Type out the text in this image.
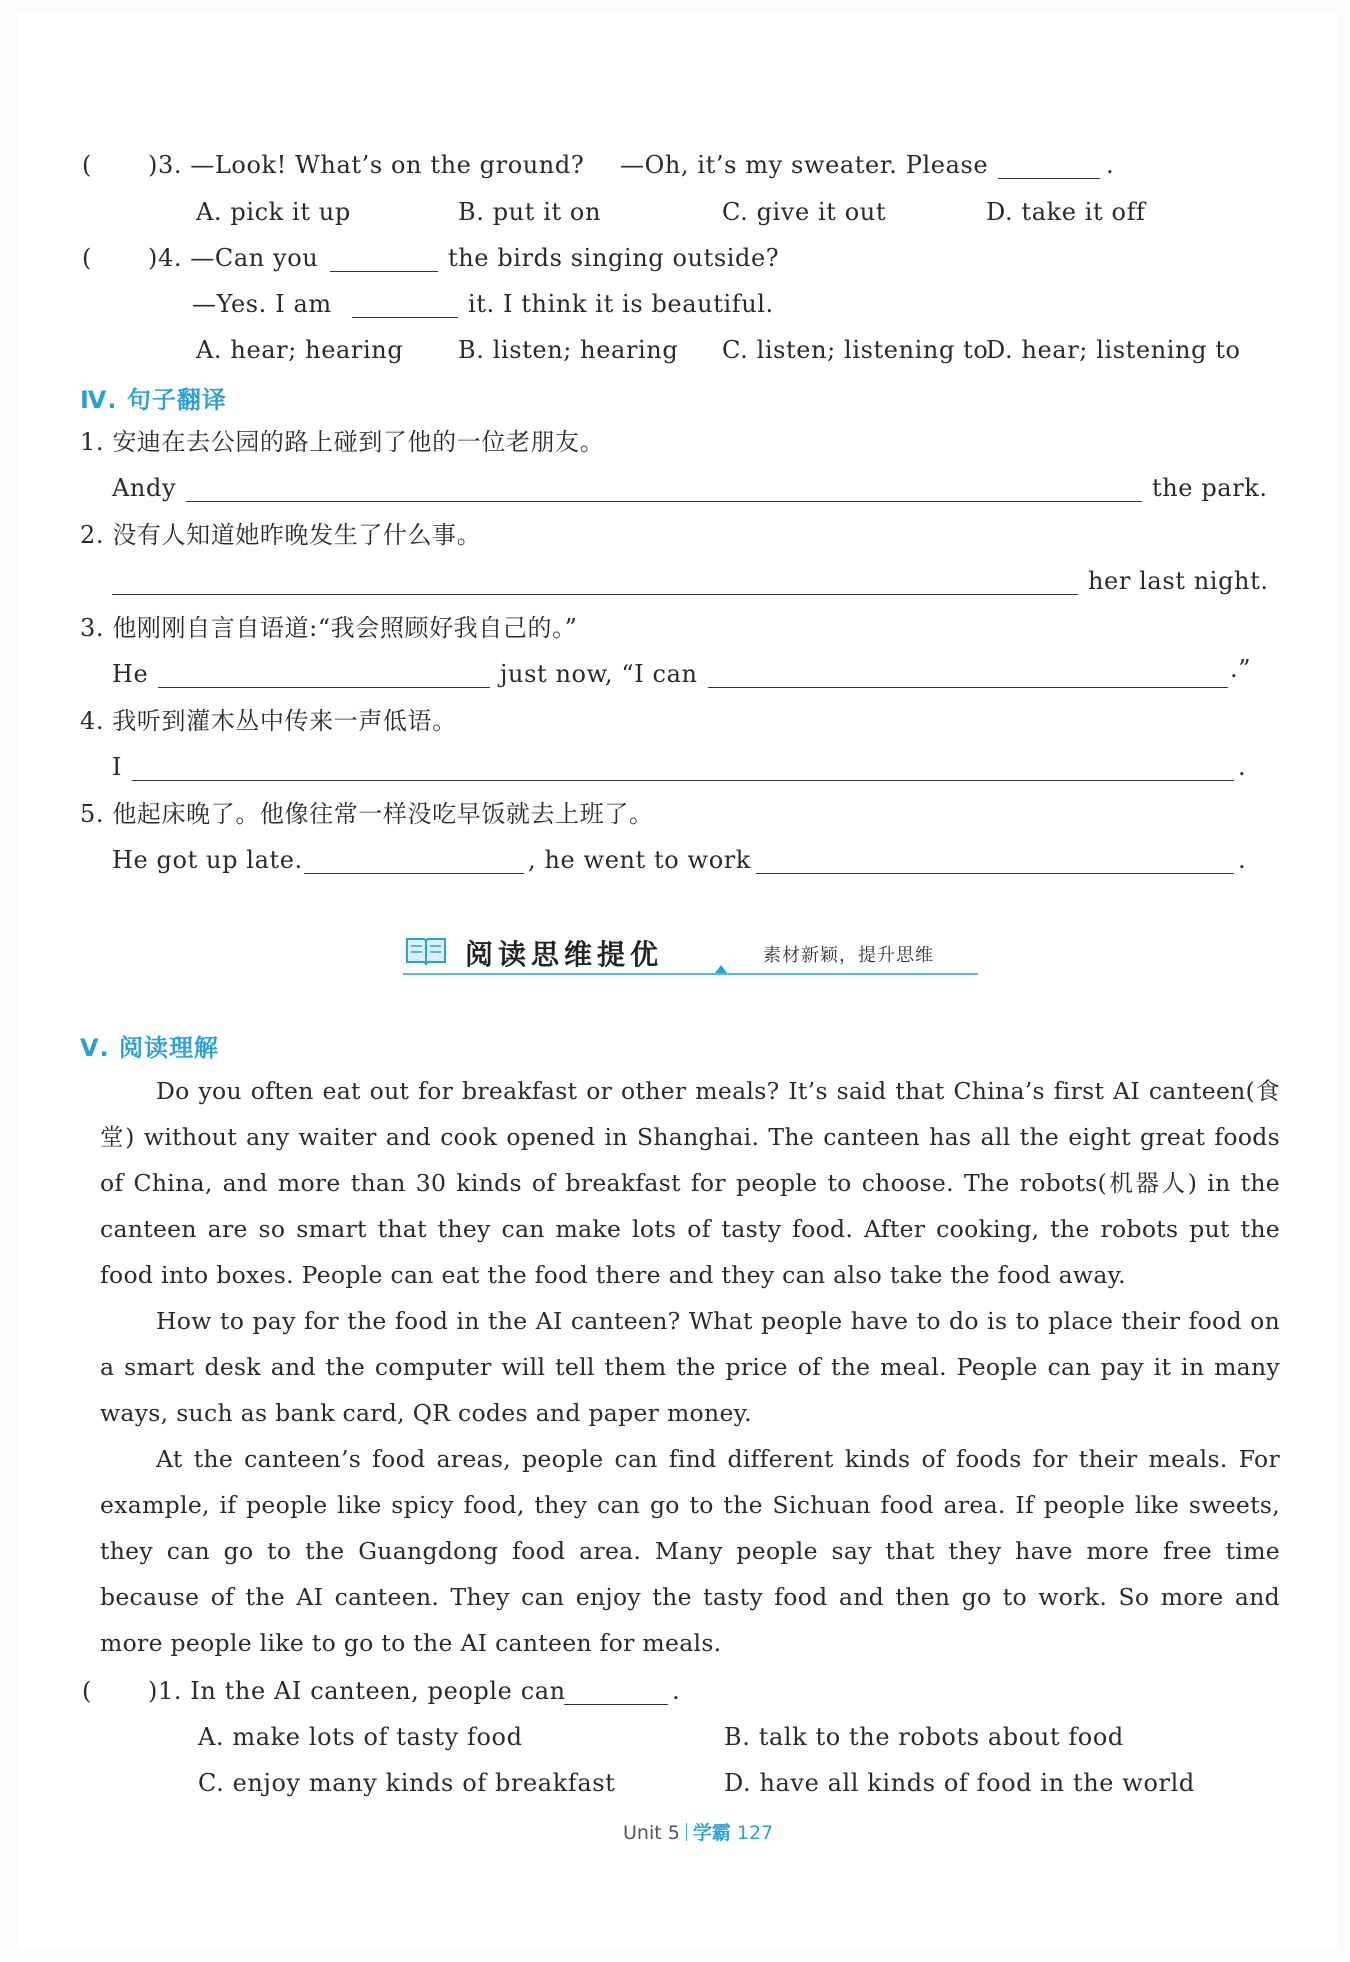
( )3. —Look! What’s on the ground? —Oh, it’s my sweater. Please	.
A. pick it up	B. put it on	C. give it out	D. take it off
( )4. —Can you	the birds singing outside?
—Yes. I am	it. I think it is beautiful.
A. hear; hearing B. listen; hearing C. listen; listening to
D. hear; listening to
Ⅳ. 句子翻译
1. 安迪在去公园的路上碰到了他的一位老朋友。
Andy	the park.
2. 没有人知道她昨晚发生了什么事。
her last night.
3. 他刚刚自言自语道:“我会照顾好我自己的。”
He	just now, “I can	.”
4. 我听到灌木丛中传来一声低语。
I	.
5. 他起床晚了。他像往常一样没吃早饭就去上班了。
He got up late.	, he went to work	.
阅读思维提优	素材新颖，提升思维
Ⅴ. 阅读理解

Do you often eat out for breakfast or other meals? It’s said that China’s first AI canteen(食堂) without any waiter and cook opened in Shanghai. The canteen has all the eight great foods of China, and more than 30 kinds of breakfast for people to choose. The robots(机器人) in the canteen are so smart that they can make lots of tasty food. After cooking, the robots put the food into boxes. People can eat the food there and they can also take the food away.

How to pay for the food in the AI canteen? What people have to do is to place their food on a smart desk and the computer will tell them the price of the meal. People can pay it in many ways, such as bank card, QR codes and paper money.

At the canteen’s food areas, people can find different kinds of foods for their meals. For example, if people like spicy food, they can go to the Sichuan food area. If people like sweets, they can go to the Guangdong food area. Many people say that they have more free time because of the AI canteen. They can enjoy the tasty food and then go to work. So more and more people like to go to the AI canteen for meals.

( )1. In the AI canteen, people can	.
A. make lots of tasty food	B. talk to the robots about food
C. enjoy many kinds of breakfast	D. have all kinds of food in the world
Unit 5 学霸 127
